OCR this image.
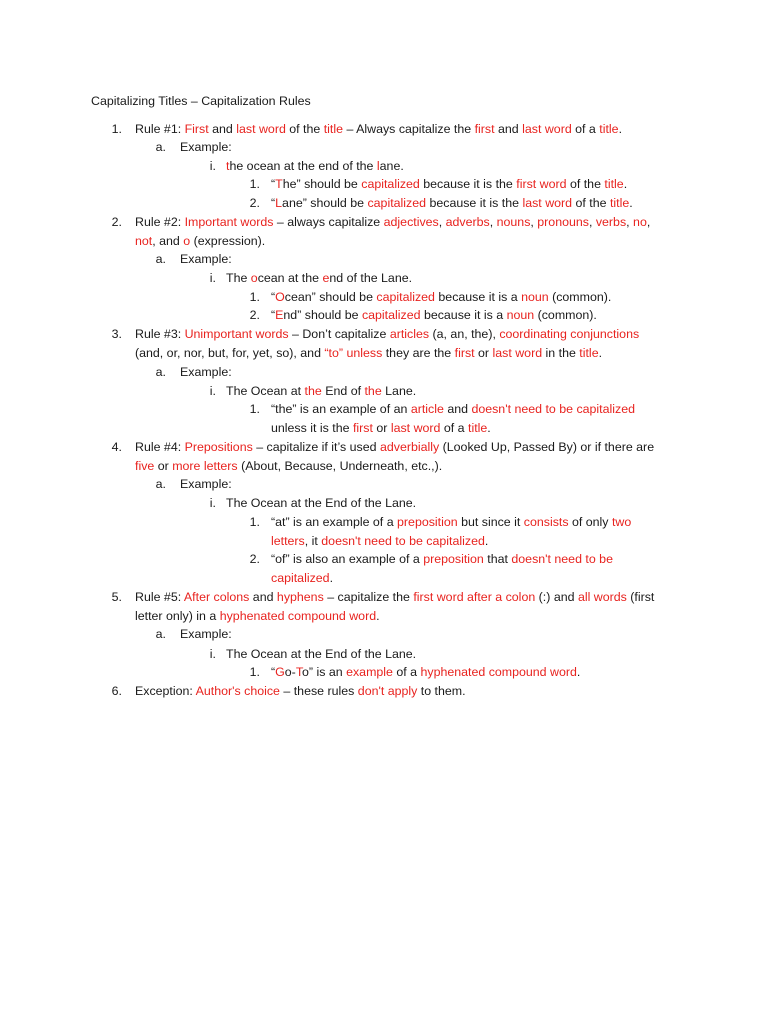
Capitalizing Titles – Capitalization Rules
1. Rule #1: First and last word of the title – Always capitalize the first and last word of a title.
a. Example:
i. the ocean at the end of the lane.
1. “The” should be capitalized because it is the first word of the title.
2. “Lane” should be capitalized because it is the last word of the title.
2. Rule #2: Important words – always capitalize adjectives, adverbs, nouns, pronouns, verbs, no,
not, and o (expression).
a. Example:
i. The ocean at the end of the Lane.
1. “Ocean” should be capitalized because it is a noun (common).
2. “End” should be capitalized because it is a noun (common).
3. Rule #3: Unimportant words – Don’t capitalize articles (a, an, the), coordinating conjunctions
(and, or, nor, but, for, yet, so), and “to” unless they are the first or last word in the title.
a. Example:
i. The Ocean at the End of the Lane.
1. “the” is an example of an article and doesn't need to be capitalized
unless it is the first or last word of a title.
4. Rule #4: Prepositions – capitalize if it’s used adverbially (Looked Up, Passed By) or if there are
five or more letters (About, Because, Underneath, etc.,).
a. Example:
i. The Ocean at the End of the Lane.
1. “at” is an example of a preposition but since it consists of only two
letters, it doesn't need to be capitalized.
2. “of” is also an example of a preposition that doesn't need to be
capitalized.
5. Rule #5: After colons and hyphens – capitalize the first word after a colon (:) and all words (first
letter only) in a hyphenated compound word.
a. Example:
i. The Ocean at the End of the Lane.
1. “Go-To” is an example of a hyphenated compound word.
6. Exception: Author's choice – these rules don't apply to them.
